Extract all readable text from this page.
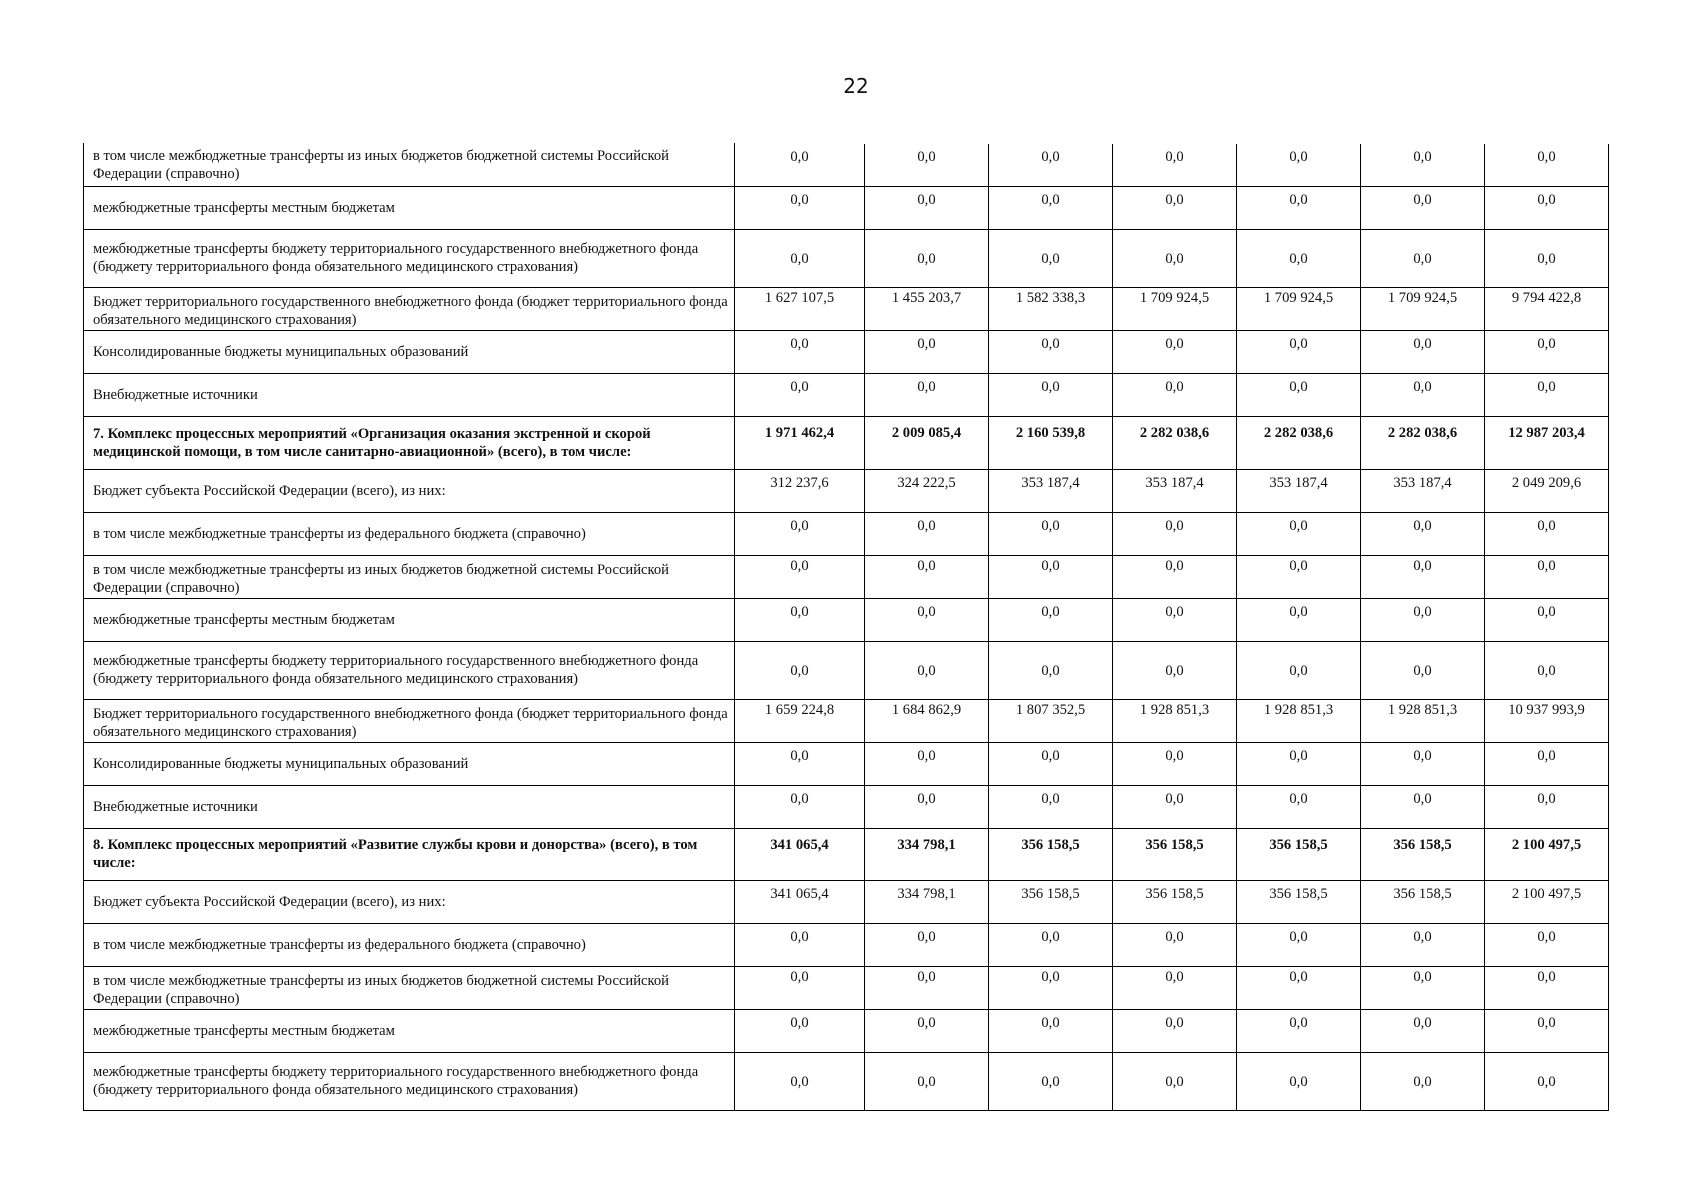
22
в том числе межбюджетные трансферты из иных бюджетов бюджетной системы Российской Федерации (справочно)	0,0	0,0	0,0	0,0	0,0	0,0	0,0
межбюджетные трансферты местным бюджетам	0,0	0,0	0,0	0,0	0,0	0,0	0,0
межбюджетные трансферты бюджету территориального государственного внебюджетного фонда (бюджету территориального фонда обязательного медицинского страхования)	0,0	0,0	0,0	0,0	0,0	0,0	0,0
Бюджет территориального государственного внебюджетного фонда (бюджет территориального фонда обязательного медицинского страхования)	1 627 107,5	1 455 203,7	1 582 338,3	1 709 924,5	1 709 924,5	1 709 924,5	9 794 422,8
Консолидированные бюджеты муниципальных образований	0,0	0,0	0,0	0,0	0,0	0,0	0,0
Внебюджетные источники	0,0	0,0	0,0	0,0	0,0	0,0	0,0
7. Комплекс процессных мероприятий «Организация оказания экстренной и скорой медицинской помощи, в том числе санитарно-авиационной» (всего), в том числе:	1 971 462,4	2 009 085,4	2 160 539,8	2 282 038,6	2 282 038,6	2 282 038,6	12 987 203,4
Бюджет субъекта Российской Федерации (всего), из них:	312 237,6	324 222,5	353 187,4	353 187,4	353 187,4	353 187,4	2 049 209,6
в том числе межбюджетные трансферты из федерального бюджета (справочно)	0,0	0,0	0,0	0,0	0,0	0,0	0,0
в том числе межбюджетные трансферты из иных бюджетов бюджетной системы Российской Федерации (справочно)	0,0	0,0	0,0	0,0	0,0	0,0	0,0
межбюджетные трансферты местным бюджетам	0,0	0,0	0,0	0,0	0,0	0,0	0,0
межбюджетные трансферты бюджету территориального государственного внебюджетного фонда (бюджету территориального фонда обязательного медицинского страхования)	0,0	0,0	0,0	0,0	0,0	0,0	0,0
Бюджет территориального государственного внебюджетного фонда (бюджет территориального фонда обязательного медицинского страхования)	1 659 224,8	1 684 862,9	1 807 352,5	1 928 851,3	1 928 851,3	1 928 851,3	10 937 993,9
Консолидированные бюджеты муниципальных образований	0,0	0,0	0,0	0,0	0,0	0,0	0,0
Внебюджетные источники	0,0	0,0	0,0	0,0	0,0	0,0	0,0
8. Комплекс процессных мероприятий «Развитие службы крови и донорства» (всего), в том числе:	341 065,4	334 798,1	356 158,5	356 158,5	356 158,5	356 158,5	2 100 497,5
Бюджет субъекта Российской Федерации (всего), из них:	341 065,4	334 798,1	356 158,5	356 158,5	356 158,5	356 158,5	2 100 497,5
в том числе межбюджетные трансферты из федерального бюджета (справочно)	0,0	0,0	0,0	0,0	0,0	0,0	0,0
в том числе межбюджетные трансферты из иных бюджетов бюджетной системы Российской Федерации (справочно)	0,0	0,0	0,0	0,0	0,0	0,0	0,0
межбюджетные трансферты местным бюджетам	0,0	0,0	0,0	0,0	0,0	0,0	0,0
межбюджетные трансферты бюджету территориального государственного внебюджетного фонда (бюджету территориального фонда обязательного медицинского страхования)	0,0	0,0	0,0	0,0	0,0	0,0	0,0
